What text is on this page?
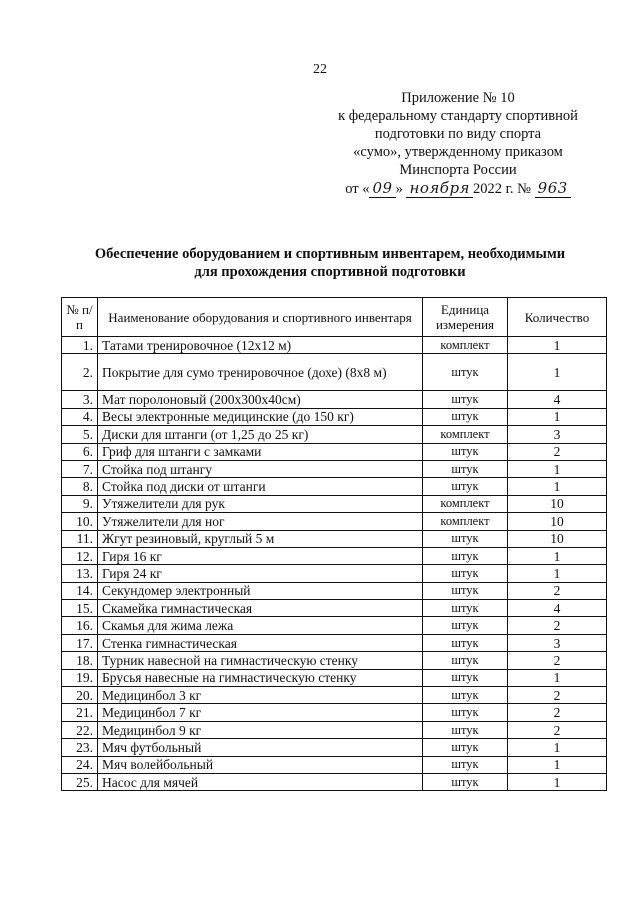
22
Приложение № 10
к федеральному стандарту спортивной
подготовки по виду спорта
«сумо», утвержденному приказом
Минспорта России
от « 09 » ноября 2022 г. № 963
Обеспечение оборудованием и спортивным инвентарем, необходимыми
для прохождения спортивной подготовки
№ п/п	Наименование оборудования и спортивного инвентаря	Единица измерения	Количество
1.	Татами тренировочное (12x12 м)	комплект	1
2.	Покрытие для сумо тренировочное (дохе) (8x8 м)	штук	1
3.	Мат поролоновый (200x300x40см)	штук	4
4.	Весы электронные медицинские (до 150 кг)	штук	1
5.	Диски для штанги (от 1,25 до 25 кг)	комплект	3
6.	Гриф для штанги с замками	штук	2
7.	Стойка под штангу	штук	1
8.	Стойка под диски от штанги	штук	1
9.	Утяжелители для рук	комплект	10
10.	Утяжелители для ног	комплект	10
11.	Жгут резиновый, круглый 5 м	штук	10
12.	Гиря 16 кг	штук	1
13.	Гиря 24 кг	штук	1
14.	Секундомер электронный	штук	2
15.	Скамейка гимнастическая	штук	4
16.	Скамья для жима лежа	штук	2
17.	Стенка гимнастическая	штук	3
18.	Турник навесной на гимнастическую стенку	штук	2
19.	Брусья навесные на гимнастическую стенку	штук	1
20.	Медицинбол 3 кг	штук	2
21.	Медицинбол 7 кг	штук	2
22.	Медицинбол 9 кг	штук	2
23.	Мяч футбольный	штук	1
24.	Мяч волейбольный	штук	1
25.	Насос для мячей	штук	1
